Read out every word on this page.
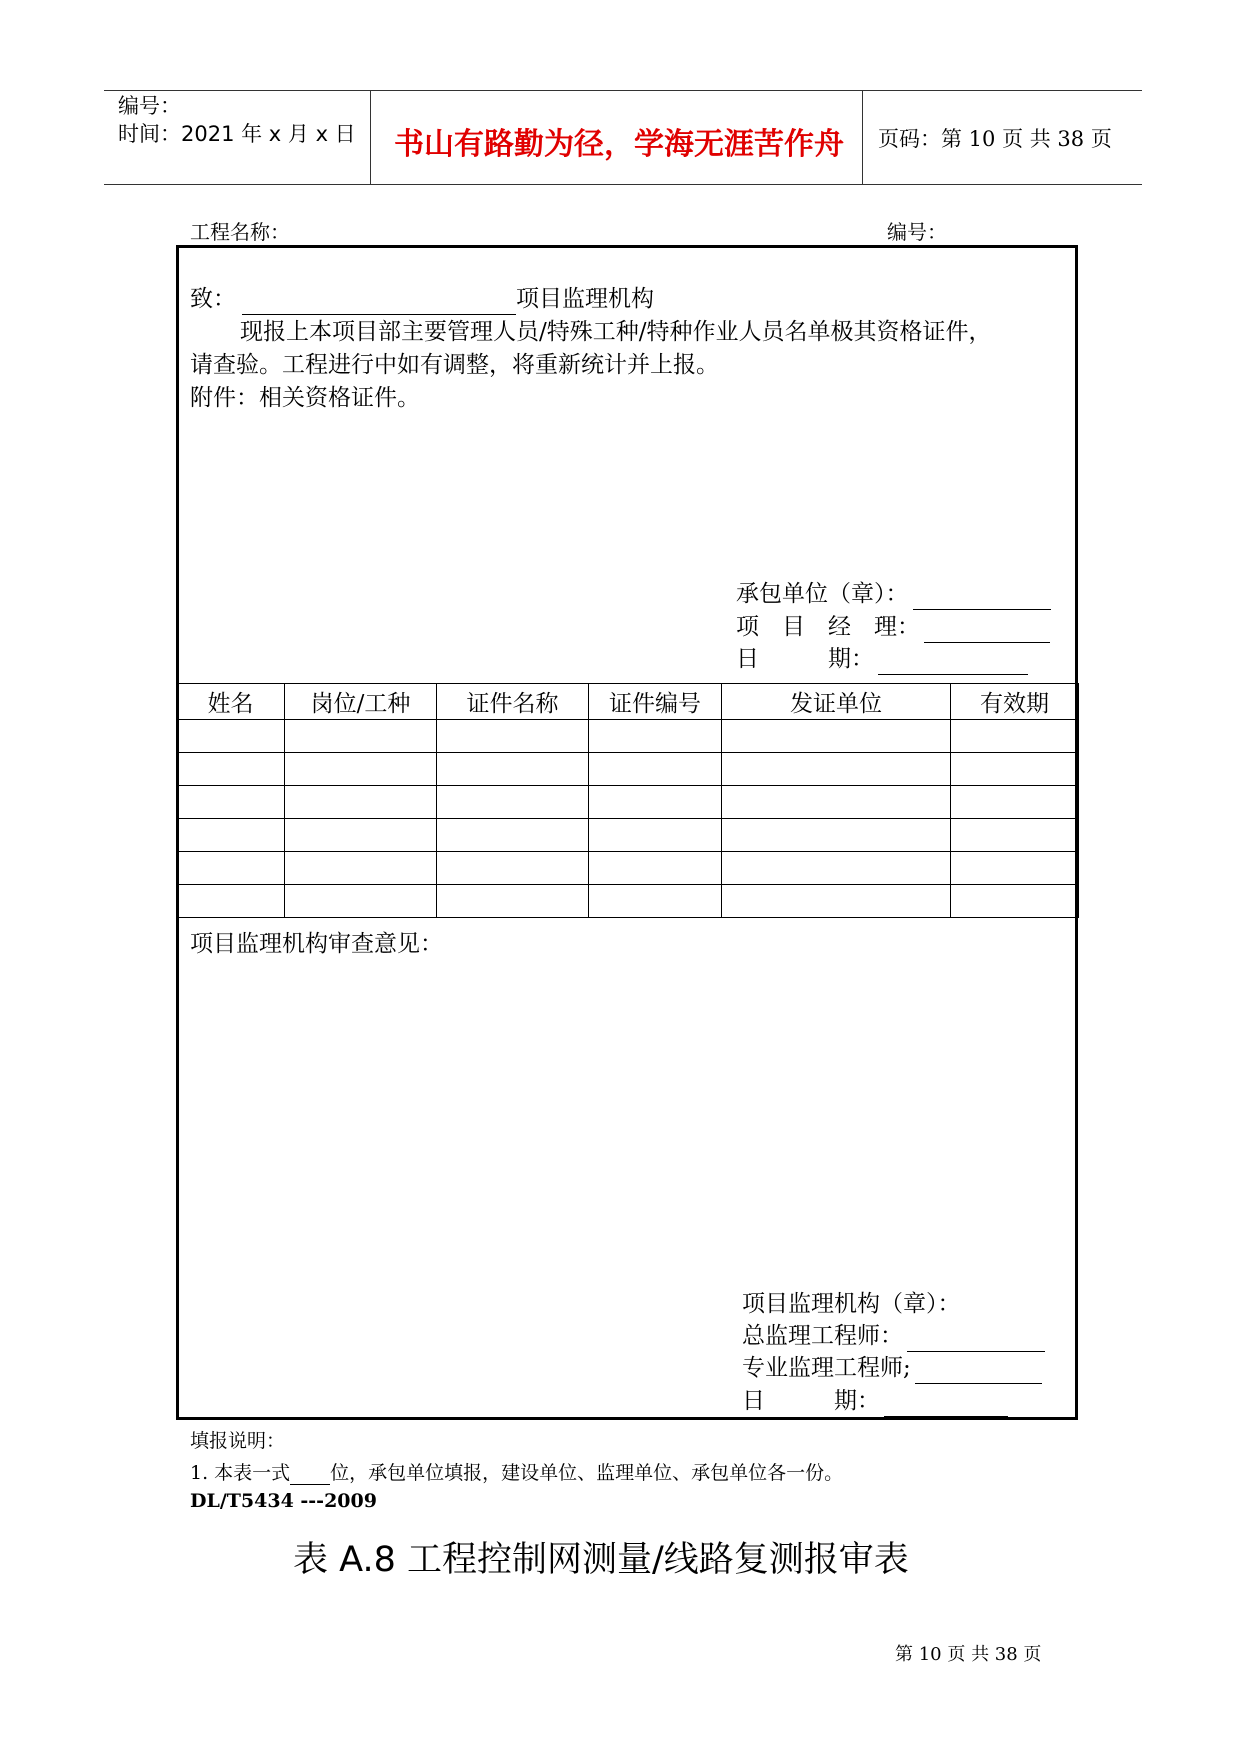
编号：
时间：2021 年 x 月 x 日 书山有路勤为径，学海无涯苦作舟 页码：第 10 页 共 38 页
工程名称：	编号：
致：	项目监理机构
现报上本项目部主要管理人员/特殊工种/特种作业人员名单极其资格证件，
请查验。工程进行中如有调整，将重新统计并上报。
附件：相关资格证件。
承包单位（章）：
项　目　经　理：
日　　　期：
姓名	岗位/工种	证件名称	证件编号	发证单位	有效期

项目监理机构审查意见：
项目监理机构（章）：
总监理工程师：
专业监理工程师;
日　　　期：
填报说明：
1. 本表一式 位，承包单位填报，建设单位、监理单位、承包单位各一份。
DL/T5434 ---2009
表 A.8 工程控制网测量/线路复测报审表
第 10 页 共 38 页
